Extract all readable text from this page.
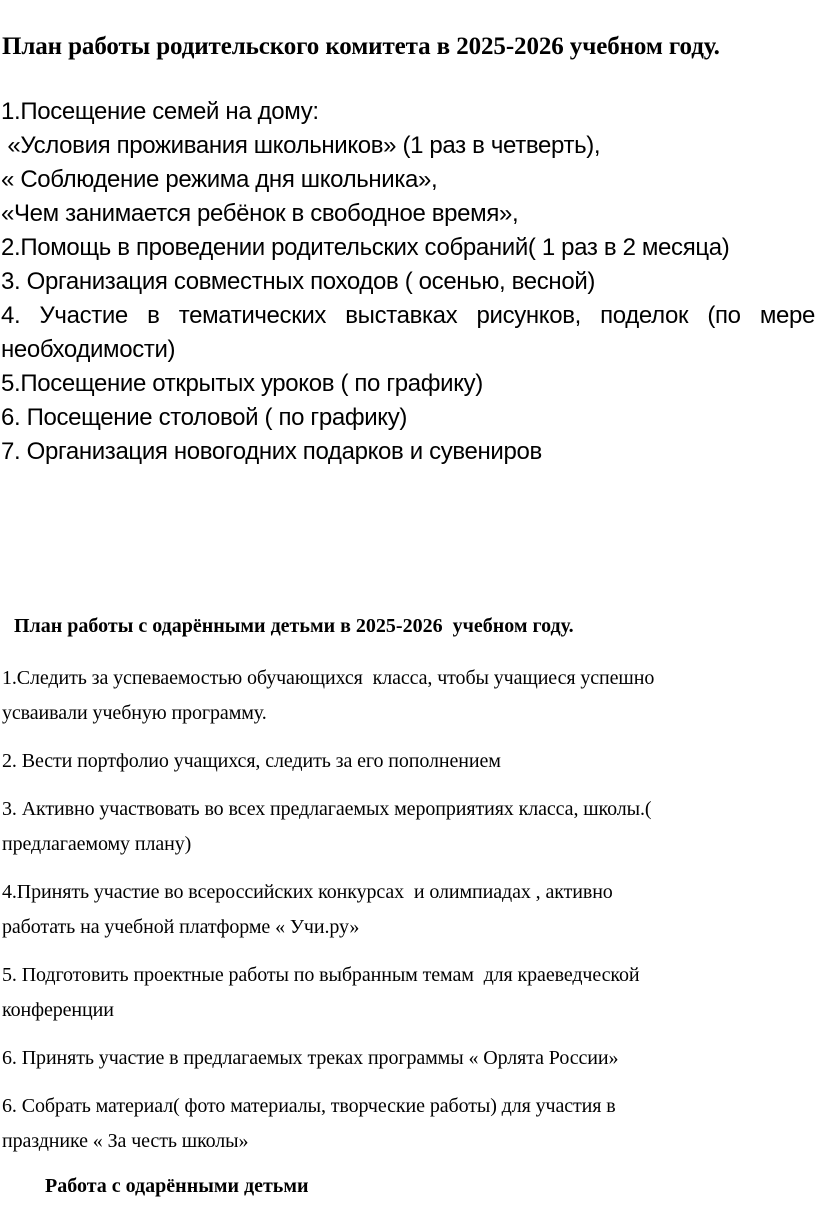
План работы родительского комитета в 2025-2026 учебном году.
1.Посещение семей на дому:
«Условия проживания школьников» (1 раз в четверть),
« Соблюдение режима дня школьника»,
«Чем занимается ребёнок в свободное время»,
2.Помощь в проведении родительских собраний( 1 раз в 2 месяца)
3. Организация совместных походов ( осенью, весной)
4. Участие в тематических выставках рисунков, поделок (по мере
необходимости)
5.Посещение открытых уроков ( по графику)
6. Посещение столовой ( по графику)
7. Организация новогодних подарков и сувениров
План работы с одарёнными детьми в 2025-2026  учебном году.
1.Следить за успеваемостью обучающихся  класса, чтобы учащиеся успешно
усваивали учебную программу.
2. Вести портфолио учащихся, следить за его пополнением
3. Активно участвовать во всех предлагаемых мероприятиях класса, школы.(
предлагаемому плану)
4.Принять участие во всероссийских конкурсах  и олимпиадах , активно
работать на учебной платформе « Учи.ру»
5. Подготовить проектные работы по выбранным темам  для краеведческой
конференции
6. Принять участие в предлагаемых треках программы « Орлята России»
6. Собрать материал( фото материалы, творческие работы) для участия в
празднике « За честь школы»
Работа с одарёнными детьми
